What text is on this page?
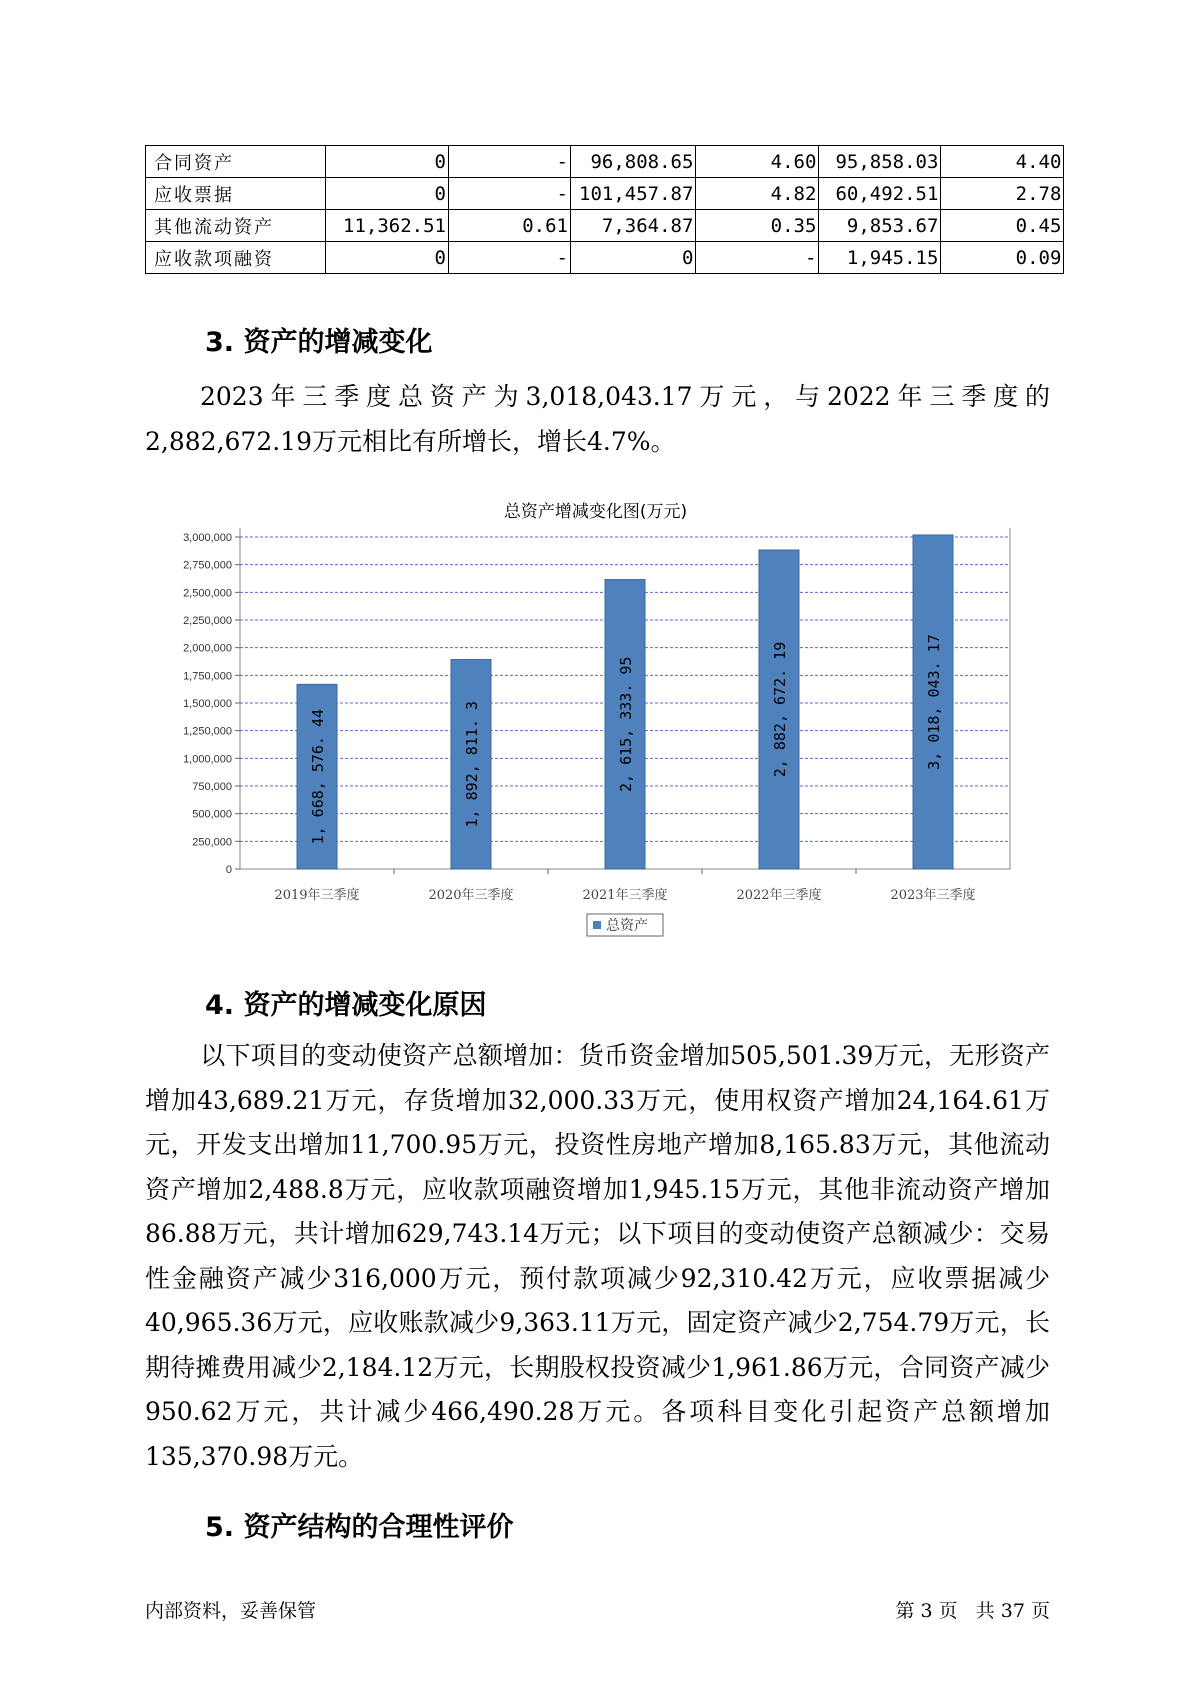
合同资产	0	-	96,808.65	4.60	95,858.03	4.40
应收票据	0	-	101,457.87	4.82	60,492.51	2.78
其他流动资产	11,362.51	0.61	7,364.87	0.35	9,853.67	0.45
应收款项融资	0	-	0	-	1,945.15	0.09
3. 资产的增减变化

2023年三季度总资产为3,018,043.17万元，与2022年三季度的2,882,672.19万元相比有所增长，增长4.7%。

总资产增减变化图(万元)
0
250,000
500,000
750,000
1,000,000
1,250,000
1,500,000
1,750,000
2,000,000
2,250,000
2,500,000
2,750,000
3,000,000
1, 668, 576. 44
2019年三季度
1, 892, 811. 3
2020年三季度
2, 615, 333. 95
2021年三季度
2, 882, 672. 19
2022年三季度
3, 018, 043. 17
2023年三季度
总资产
4. 资产的增减变化原因

以下项目的变动使资产总额增加：货币资金增加505,501.39万元，无形资产增加43,689.21万元，存货增加32,000.33万元，使用权资产增加24,164.61万元，开发支出增加11,700.95万元，投资性房地产增加8,165.83万元，其他流动资产增加2,488.8万元，应收款项融资增加1,945.15万元，其他非流动资产增加86.88万元，共计增加629,743.14万元；以下项目的变动使资产总额减少：交易性金融资产减少316,000万元，预付款项减少92,310.42万元，应收票据减少40,965.36万元，应收账款减少9,363.11万元，固定资产减少2,754.79万元，长期待摊费用减少2,184.12万元，长期股权投资减少1,961.86万元，合同资产减少950.62万元，共计减少466,490.28万元。各项科目变化引起资产总额增加135,370.98万元。

5. 资产结构的合理性评价
内部资料，妥善保管	第 3 页   共 37 页
